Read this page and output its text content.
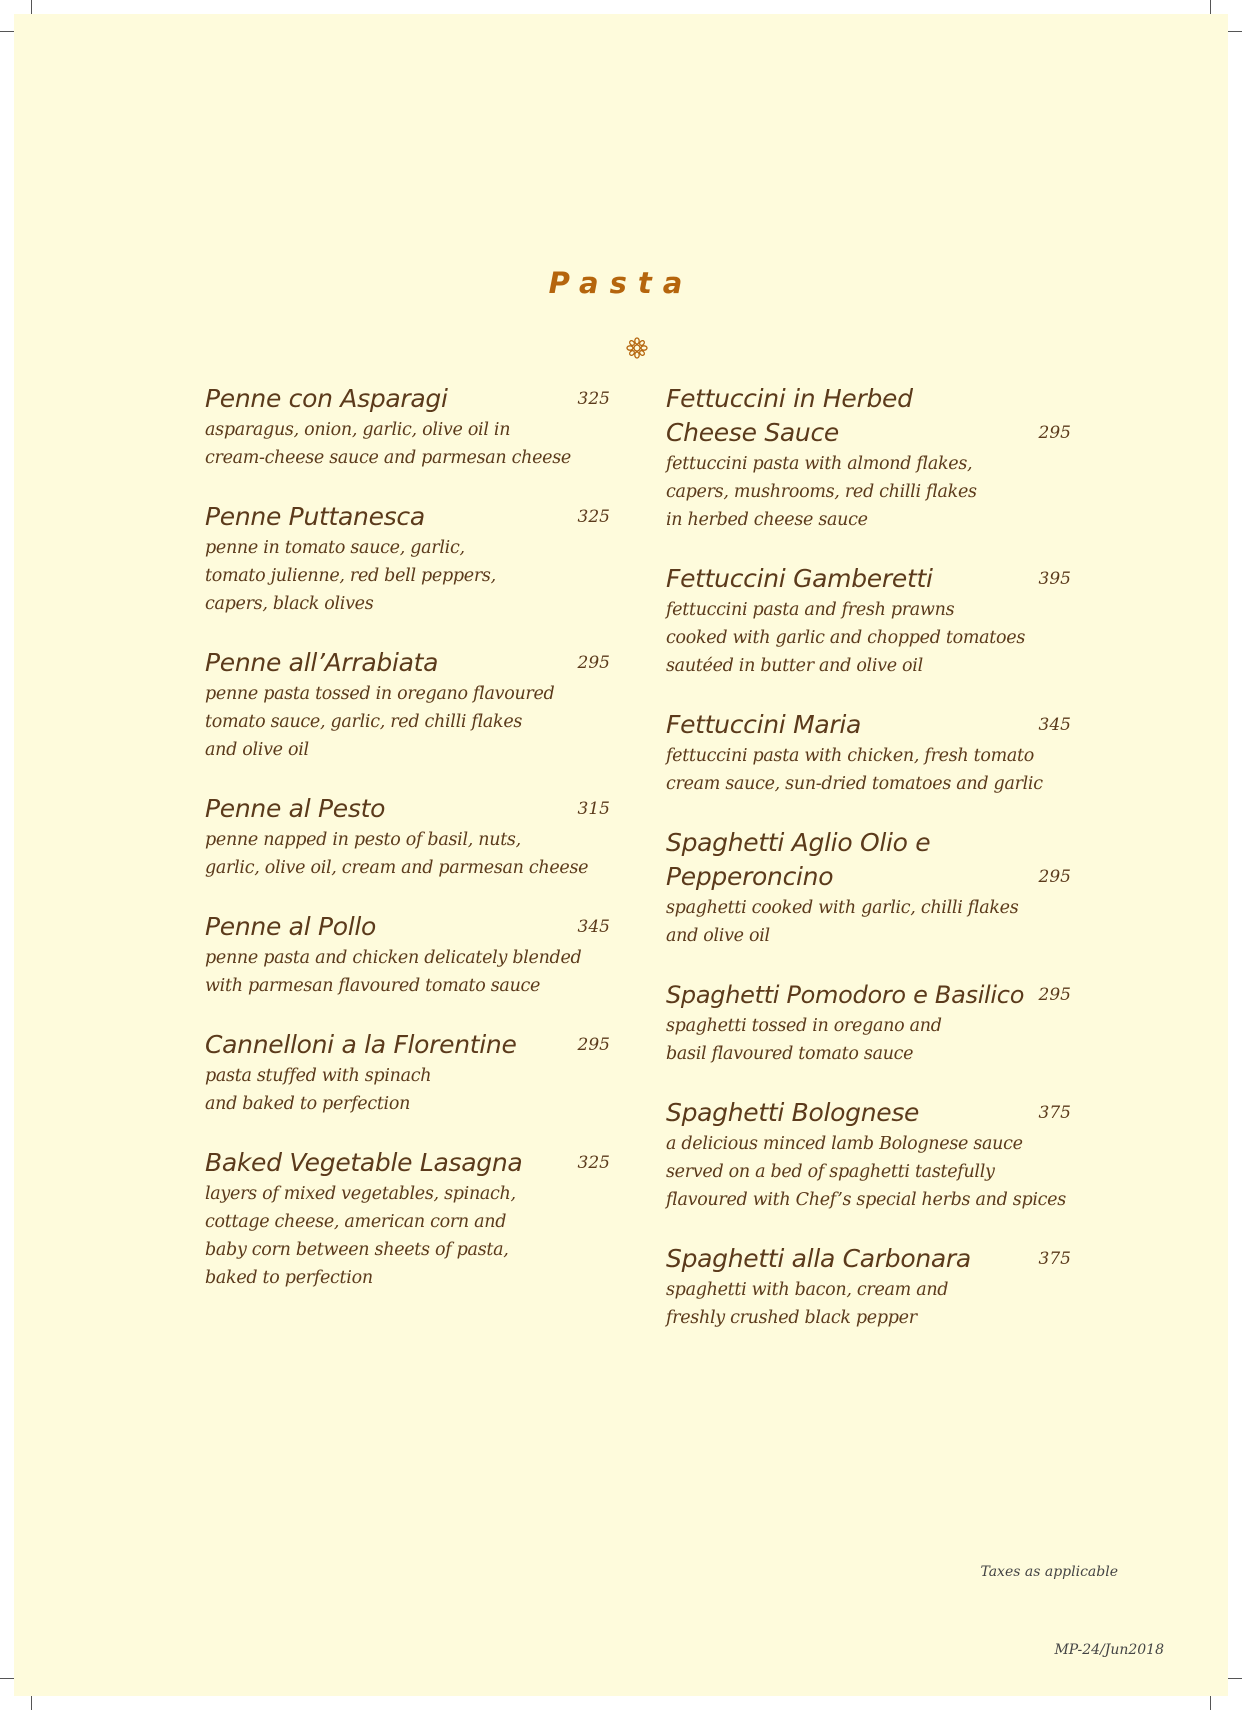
Pasta
325
Penne con Asparagi
asparagus, onion, garlic, olive oil in
cream-cheese sauce and parmesan cheese
325
Penne Puttanesca
penne in tomato sauce, garlic,
tomato julienne, red bell peppers,
capers, black olives
295
Penne all’Arrabiata
penne pasta tossed in oregano flavoured
tomato sauce, garlic, red chilli flakes
and olive oil
315
Penne al Pesto
penne napped in pesto of basil, nuts,
garlic, olive oil, cream and parmesan cheese
345
Penne al Pollo
penne pasta and chicken delicately blended
with parmesan flavoured tomato sauce
295
Cannelloni a la Florentine
pasta stuffed with spinach
and baked to perfection
325
Baked Vegetable Lasagna
layers of mixed vegetables, spinach,
cottage cheese, american corn and
baby corn between sheets of pasta,
baked to perfection
295
Fettuccini in Herbed Cheese Sauce
fettuccini pasta with almond flakes,
capers, mushrooms, red chilli flakes
in herbed cheese sauce
395
Fettuccini Gamberetti
fettuccini pasta and fresh prawns
cooked with garlic and chopped tomatoes
sautéed in butter and olive oil
345
Fettuccini Maria
fettuccini pasta with chicken, fresh tomato
cream sauce, sun-dried tomatoes and garlic
295
Spaghetti Aglio Olio e Pepperoncino
spaghetti cooked with garlic, chilli flakes
and olive oil
295
Spaghetti Pomodoro e Basilico
spaghetti tossed in oregano and
basil flavoured tomato sauce
375
Spaghetti Bolognese
a delicious minced lamb Bolognese sauce
served on a bed of spaghetti tastefully
flavoured with Chef’s special herbs and spices
375
Spaghetti alla Carbonara
spaghetti with bacon, cream and
freshly crushed black pepper
Taxes as applicable
MP-24/Jun2018
